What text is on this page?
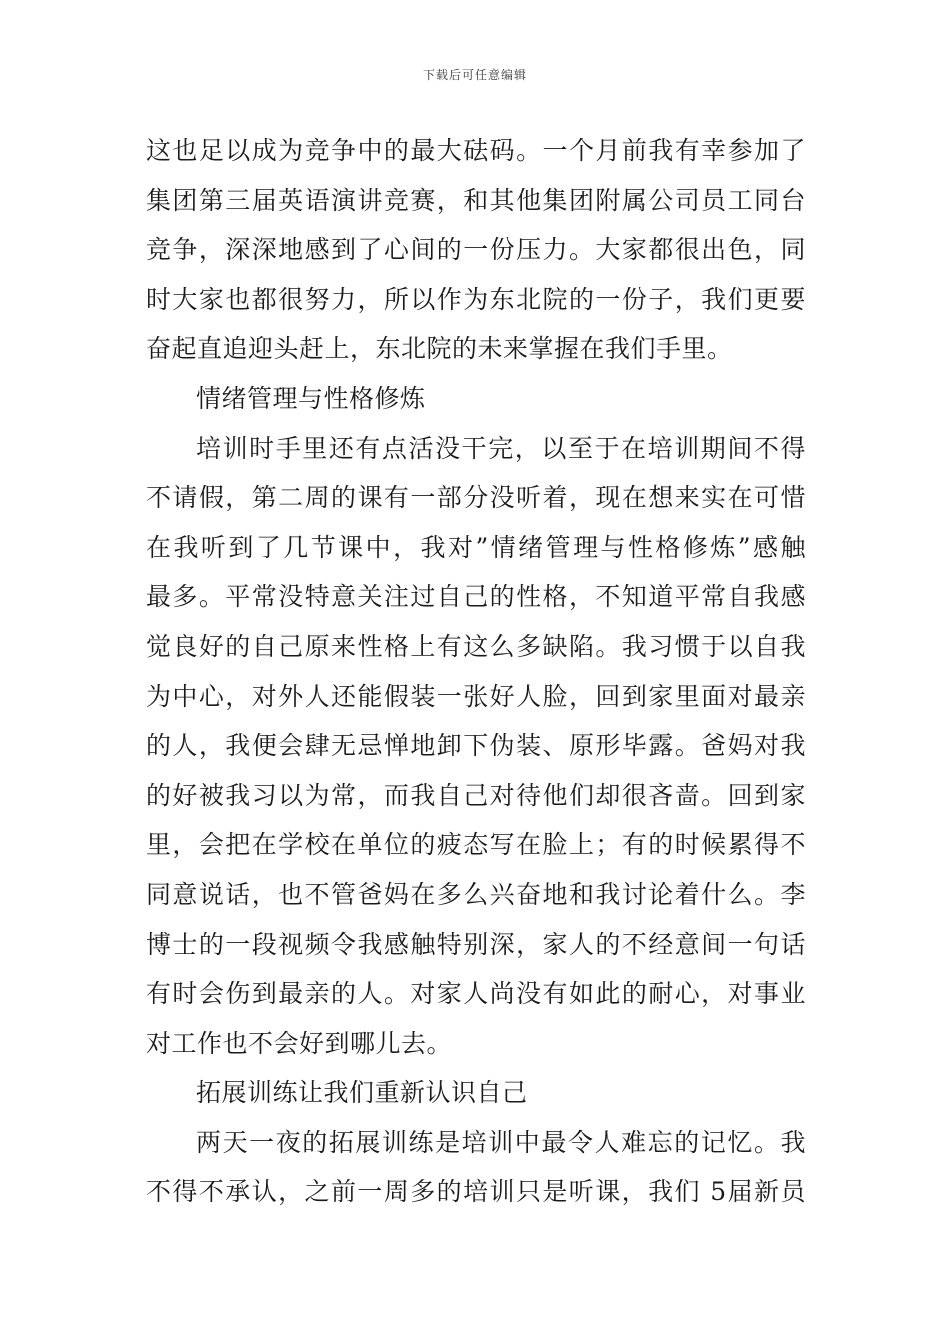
下载后可任意编辑
这也足以成为竞争中的最大砝码。一个月前我有幸参加了
集团第三届英语演讲竞赛，和其他集团附属公司员工同台
竞争，深深地感到了心间的一份压力。大家都很出色，同
时大家也都很努力，所以作为东北院的一份子，我们更要
奋起直追迎头赶上，东北院的未来掌握在我们手里。
情绪管理与性格修炼
培训时手里还有点活没干完，以至于在培训期间不得
不请假，第二周的课有一部分没听着，现在想来实在可惜
在我听到了几节课中，我对”情绪管理与性格修炼”感触
最多。平常没特意关注过自己的性格，不知道平常自我感
觉良好的自己原来性格上有这么多缺陷。我习惯于以自我
为中心，对外人还能假装一张好人脸，回到家里面对最亲
的人，我便会肆无忌惮地卸下伪装、原形毕露。爸妈对我
的好被我习以为常，而我自己对待他们却很吝啬。回到家
里，会把在学校在单位的疲态写在脸上；有的时候累得不
同意说话，也不管爸妈在多么兴奋地和我讨论着什么。李
博士的一段视频令我感触特别深，家人的不经意间一句话
有时会伤到最亲的人。对家人尚没有如此的耐心，对事业
对工作也不会好到哪儿去。
拓展训练让我们重新认识自己
两天一夜的拓展训练是培训中最令人难忘的记忆。我
不得不承认，之前一周多的培训只是听课，我们 5届新员
